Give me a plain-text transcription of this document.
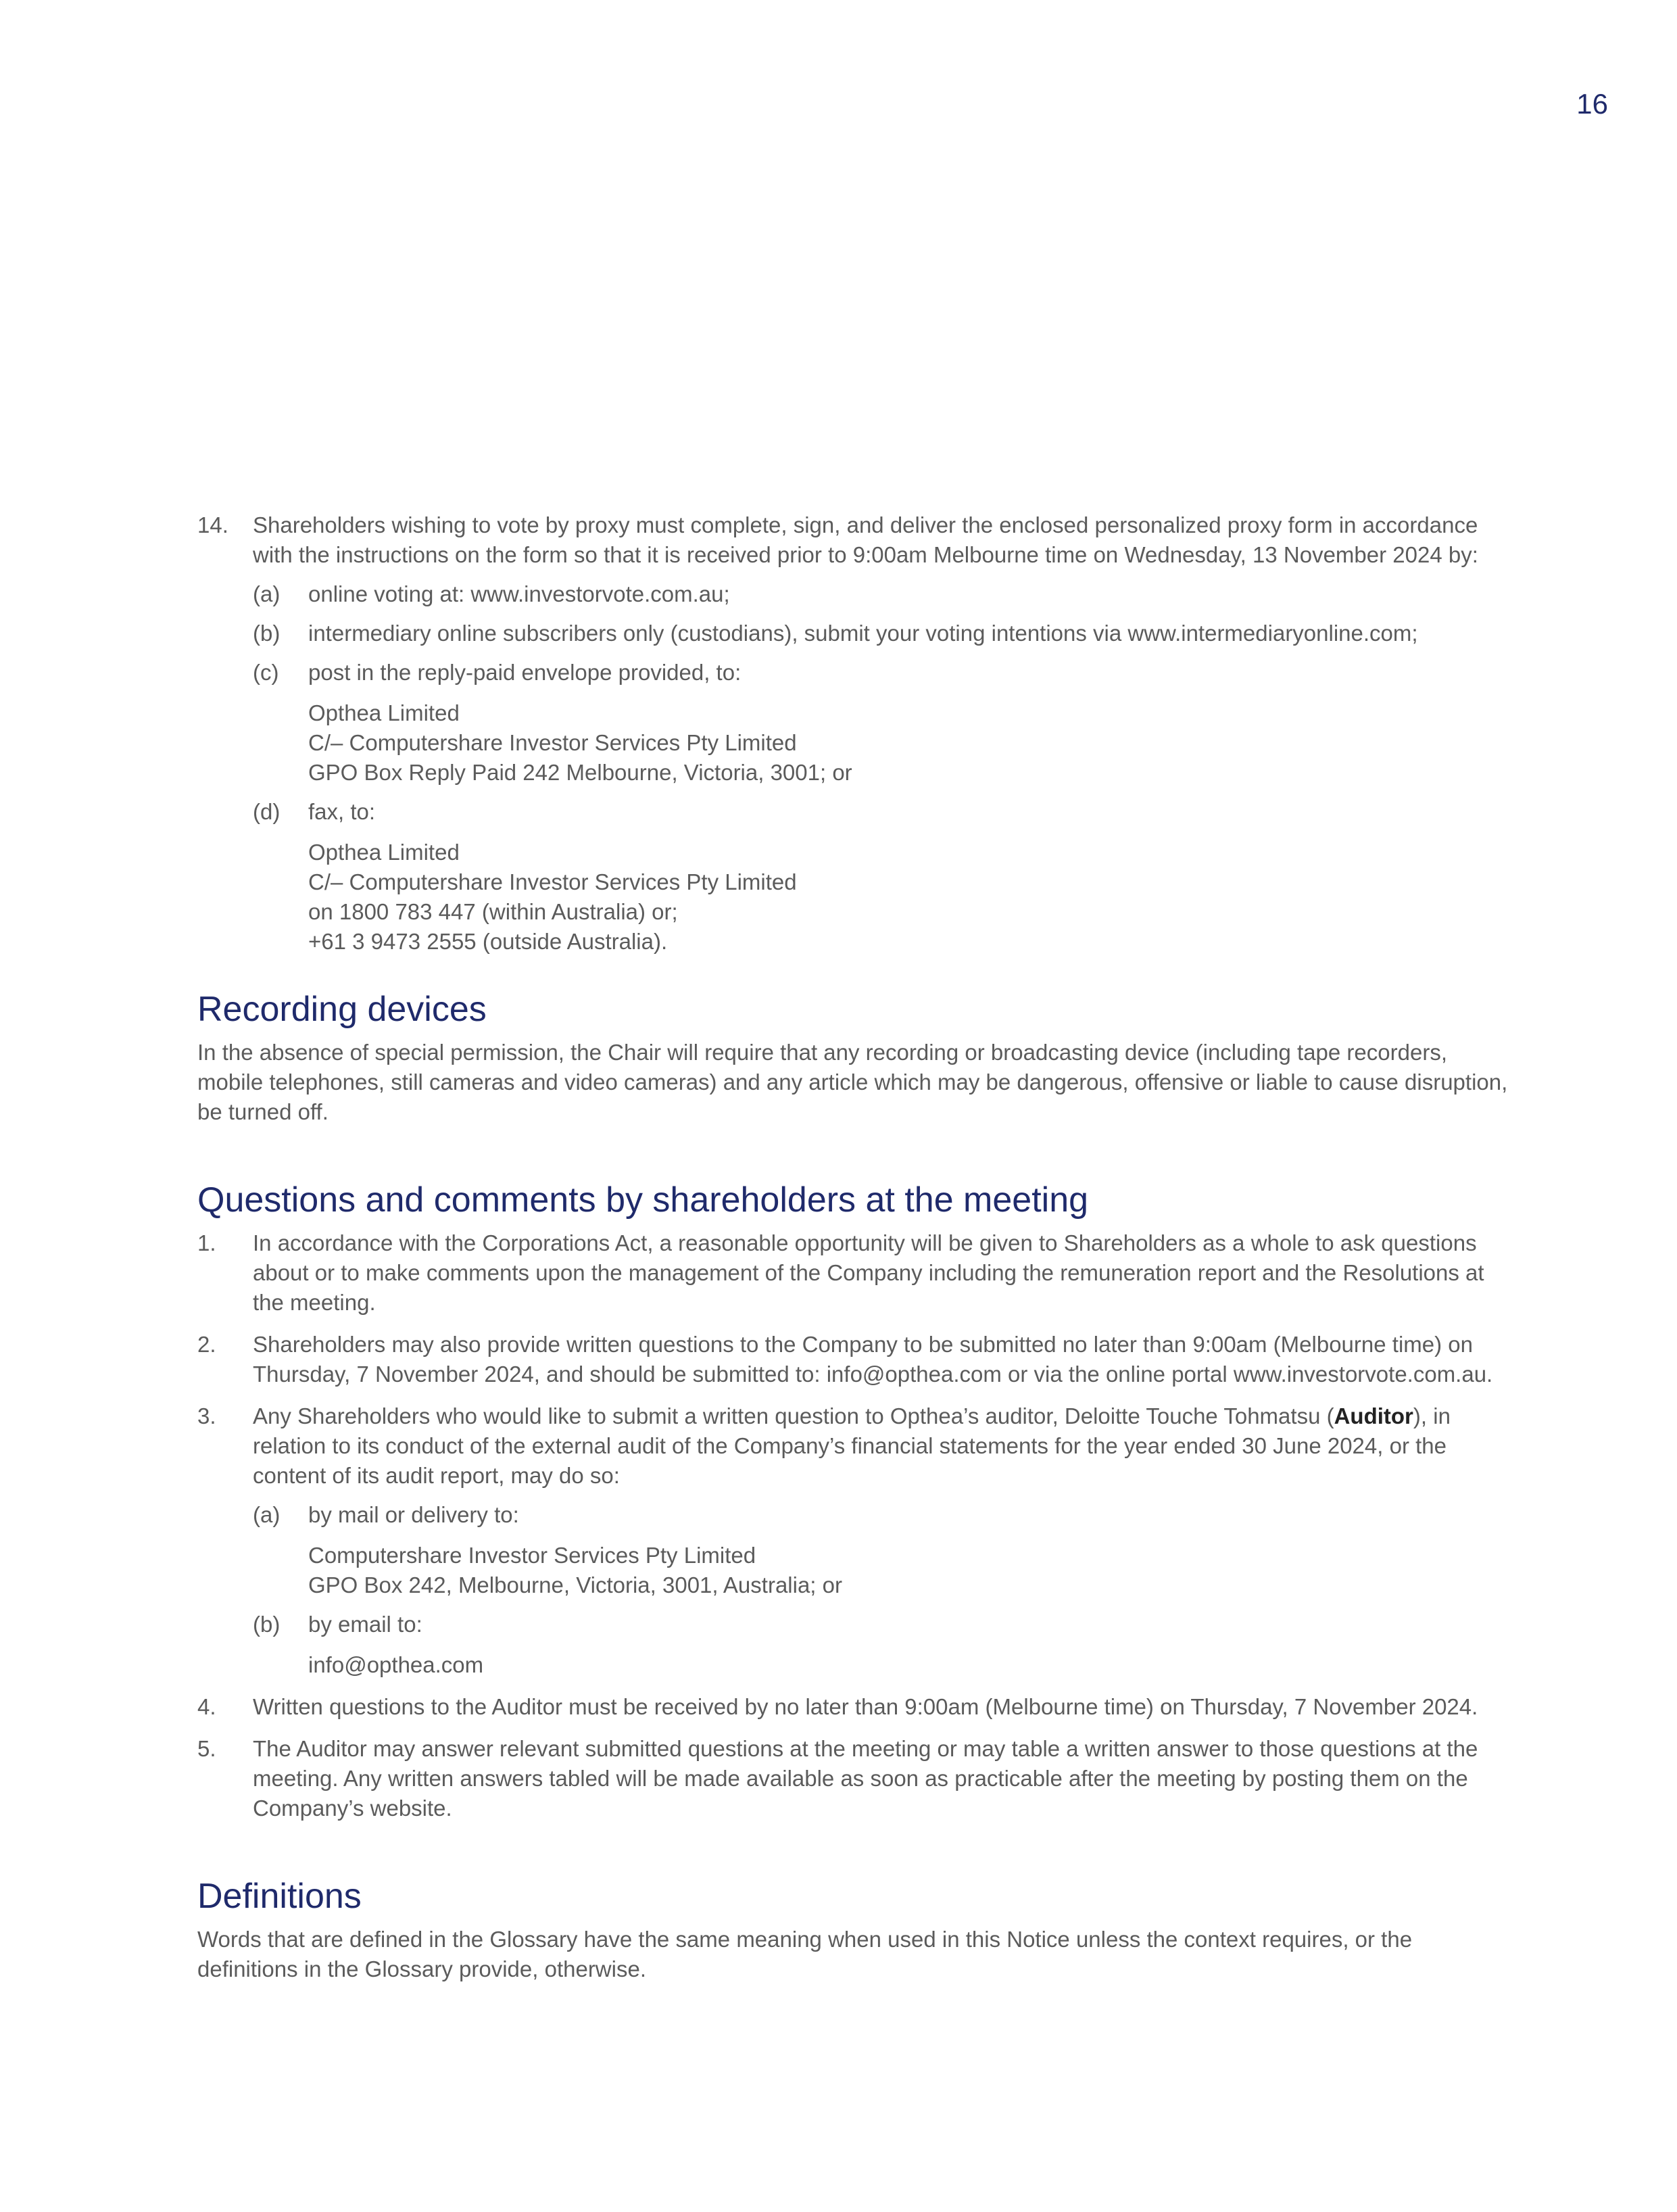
16
14.	Shareholders wishing to vote by proxy must complete, sign, and deliver the enclosed personalized proxy form in accordance with the instructions on the form so that it is received prior to 9:00am Melbourne time on Wednesday, 13 November 2024 by:

(a)	online voting at: www.investorvote.com.au;

(b)	intermediary online subscribers only (custodians), submit your voting intentions via www.intermediaryonline.com;

(c)	post in the reply-paid envelope provided, to:

Opthea Limited
C/– Computershare Investor Services Pty Limited
GPO Box Reply Paid 242 Melbourne, Victoria, 3001; or
(d)	fax, to:

Opthea Limited
C/– Computershare Investor Services Pty Limited
on 1800 783 447 (within Australia) or;
+61 3 9473 2555 (outside Australia).
Recording devices

In the absence of special permission, the Chair will require that any recording or broadcasting device (including tape recorders, mobile telephones, still cameras and video cameras) and any article which may be dangerous, offensive or liable to cause disruption, be turned off.

Questions and comments by shareholders at the meeting
1.	In accordance with the Corporations Act, a reasonable opportunity will be given to Shareholders as a whole to ask questions about or to make comments upon the management of the Company including the remuneration report and the Resolutions at the meeting.

2.	Shareholders may also provide written questions to the Company to be submitted no later than 9:00am (Melbourne time) on Thursday, 7 November 2024, and should be submitted to: info@opthea.com or via the online portal www.investorvote.com.au.

3.	Any Shareholders who would like to submit a written question to Opthea’s auditor, Deloitte Touche Tohmatsu (Auditor), in relation to its conduct of the external audit of the Company’s financial statements for the year ended 30 June 2024, or the content of its audit report, may do so:

(a)	by mail or delivery to:

Computershare Investor Services Pty Limited
GPO Box 242, Melbourne, Victoria, 3001, Australia; or
(b)	by email to:

info@opthea.com
4.	Written questions to the Auditor must be received by no later than 9:00am (Melbourne time) on Thursday, 7 November 2024.

5.	The Auditor may answer relevant submitted questions at the meeting or may table a written answer to those questions at the meeting. Any written answers tabled will be made available as soon as practicable after the meeting by posting them on the Company’s website.

Definitions

Words that are defined in the Glossary have the same meaning when used in this Notice unless the context requires, or the definitions in the Glossary provide, otherwise.
